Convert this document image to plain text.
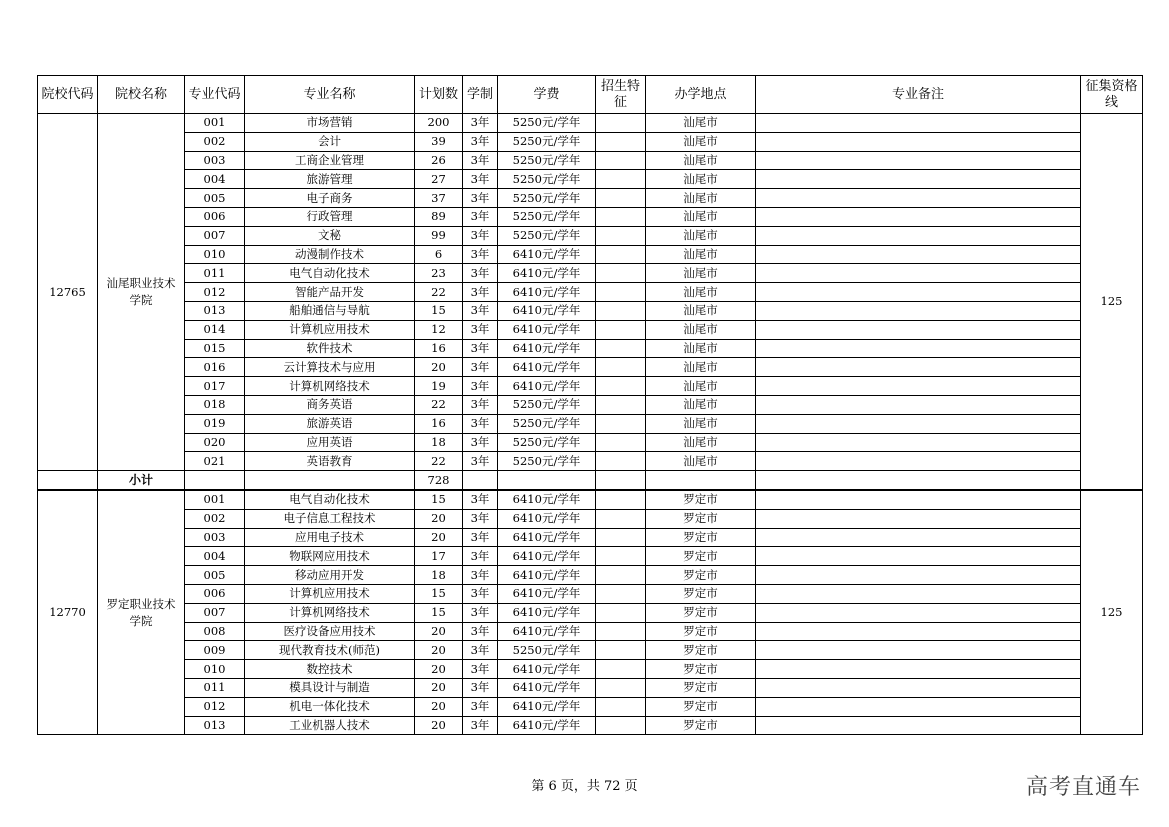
院校代码	院校名称	专业代码	专业名称	计划数	学制	学费	招生特征	办学地点	专业备注	征集资格线
12765	汕尾职业技术学院	001	市场营销	200	3年	5250元/学年		汕尾市		125
		002	会计	39	3年	5250元/学年		汕尾市		
		003	工商企业管理	26	3年	5250元/学年		汕尾市		
		004	旅游管理	27	3年	5250元/学年		汕尾市		
		005	电子商务	37	3年	5250元/学年		汕尾市		
		006	行政管理	89	3年	5250元/学年		汕尾市		
		007	文秘	99	3年	5250元/学年		汕尾市		
		010	动漫制作技术	6	3年	6410元/学年		汕尾市		
		011	电气自动化技术	23	3年	6410元/学年		汕尾市		
		012	智能产品开发	22	3年	6410元/学年		汕尾市		
		013	船舶通信与导航	15	3年	6410元/学年		汕尾市		
		014	计算机应用技术	12	3年	6410元/学年		汕尾市		
		015	软件技术	16	3年	6410元/学年		汕尾市		
		016	云计算技术与应用	20	3年	6410元/学年		汕尾市		
		017	计算机网络技术	19	3年	6410元/学年		汕尾市		
		018	商务英语	22	3年	5250元/学年		汕尾市		
		019	旅游英语	16	3年	5250元/学年		汕尾市		
		020	应用英语	18	3年	5250元/学年		汕尾市		
		021	英语教育	22	3年	5250元/学年		汕尾市		
	小计			728						
12770	罗定职业技术学院	001	电气自动化技术	15	3年	6410元/学年		罗定市		125
		002	电子信息工程技术	20	3年	6410元/学年		罗定市		
		003	应用电子技术	20	3年	6410元/学年		罗定市		
		004	物联网应用技术	17	3年	6410元/学年		罗定市		
		005	移动应用开发	18	3年	6410元/学年		罗定市		
		006	计算机应用技术	15	3年	6410元/学年		罗定市		
		007	计算机网络技术	15	3年	6410元/学年		罗定市		
		008	医疗设备应用技术	20	3年	6410元/学年		罗定市		
		009	现代教育技术(师范)	20	3年	5250元/学年		罗定市		
		010	数控技术	20	3年	6410元/学年		罗定市		
		011	模具设计与制造	20	3年	6410元/学年		罗定市		
		012	机电一体化技术	20	3年	6410元/学年		罗定市		
		013	工业机器人技术	20	3年	6410元/学年		罗定市		
第 6 页，共 72 页	高考直通车
